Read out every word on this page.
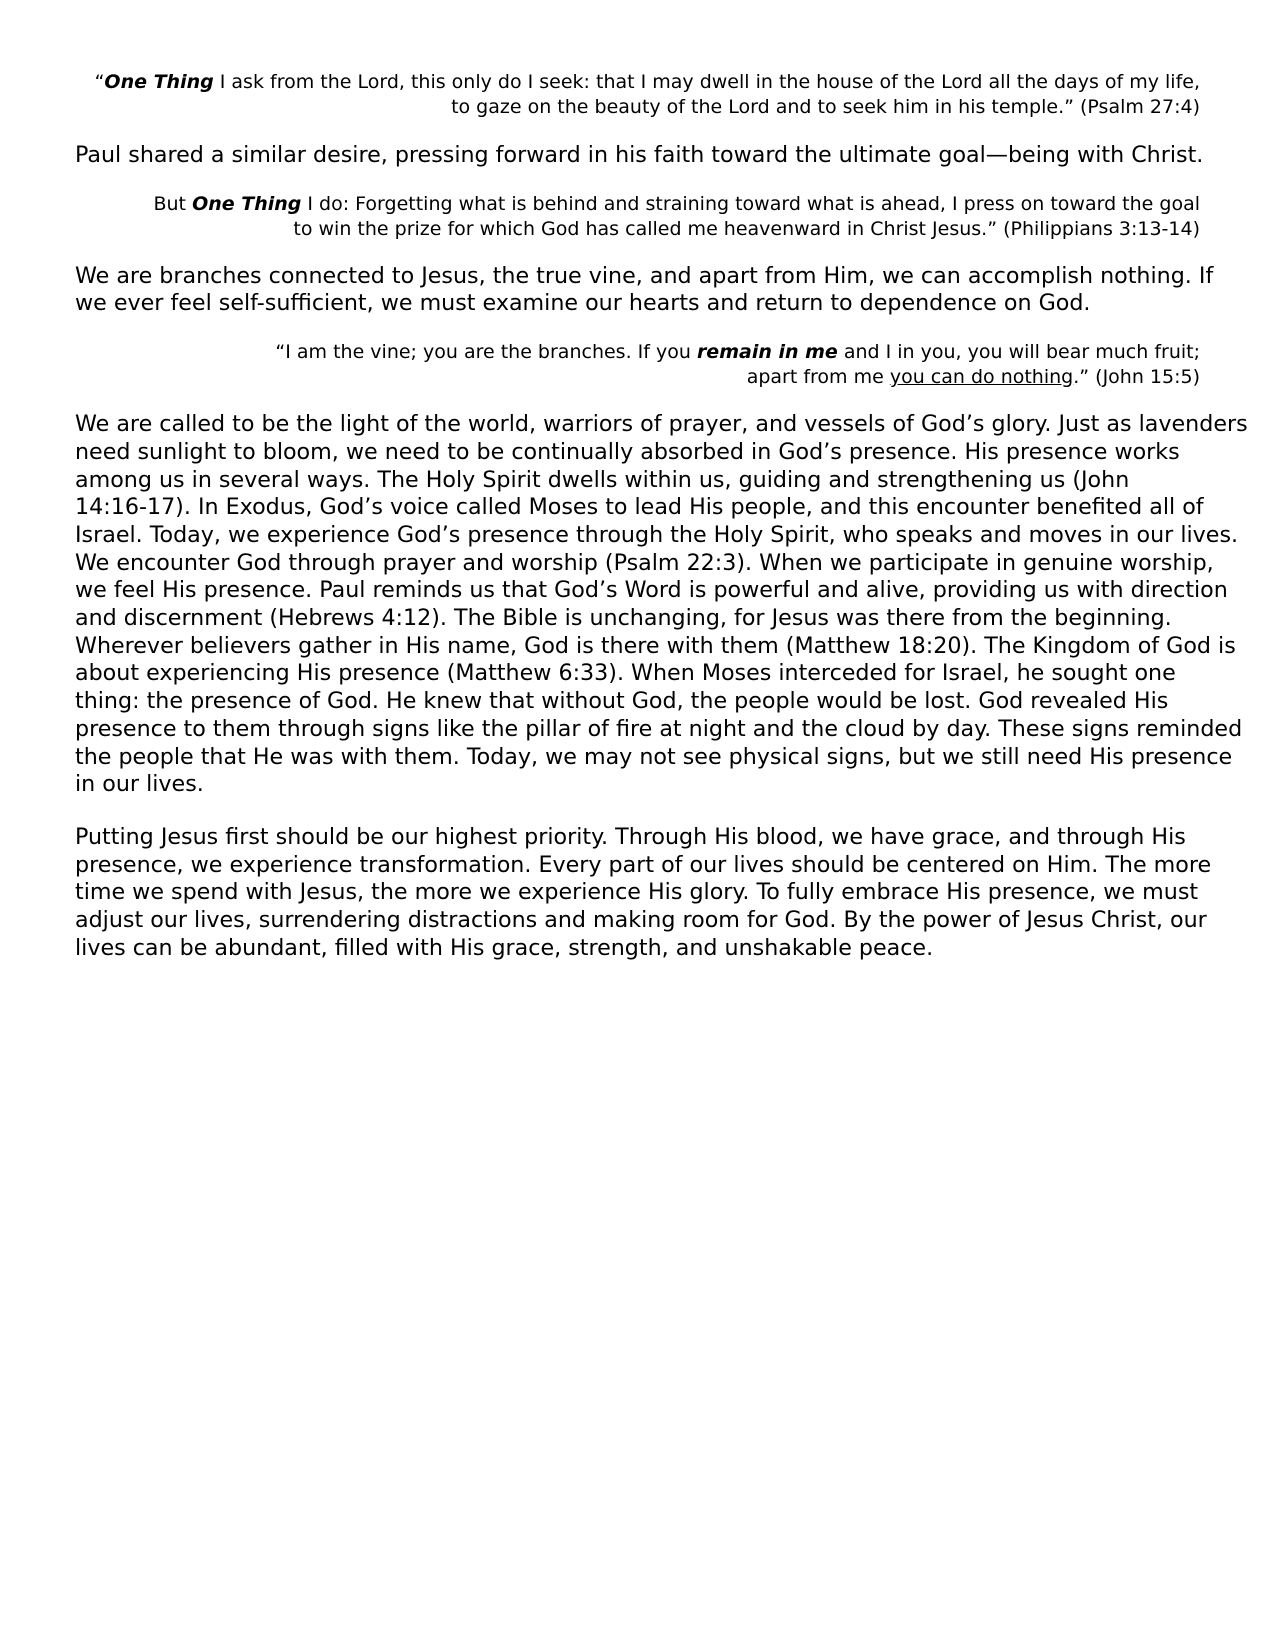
“One Thing I ask from the Lord, this only do I seek: that I may dwell in the house of the Lord all the days of my life,
to gaze on the beauty of the Lord and to seek him in his temple.” (Psalm 27:4)

Paul shared a similar desire, pressing forward in his faith toward the ultimate goal—being with Christ.

But One Thing I do: Forgetting what is behind and straining toward what is ahead, I press on toward the goal
to win the prize for which God has called me heavenward in Christ Jesus.” (Philippians 3:13-14)

We are branches connected to Jesus, the true vine, and apart from Him, we can accomplish nothing. If
we ever feel self-sufficient, we must examine our hearts and return to dependence on God.

“I am the vine; you are the branches. If you remain in me and I in you, you will bear much fruit;
apart from me you can do nothing.” (John 15:5)

We are called to be the light of the world, warriors of prayer, and vessels of God’s glory. Just as lavenders
need sunlight to bloom, we need to be continually absorbed in God’s presence. His presence works
among us in several ways. The Holy Spirit dwells within us, guiding and strengthening us (John
14:16-17). In Exodus, God’s voice called Moses to lead His people, and this encounter benefited all of
Israel. Today, we experience God’s presence through the Holy Spirit, who speaks and moves in our lives.
We encounter God through prayer and worship (Psalm 22:3). When we participate in genuine worship,
we feel His presence. Paul reminds us that God’s Word is powerful and alive, providing us with direction
and discernment (Hebrews 4:12). The Bible is unchanging, for Jesus was there from the beginning.
Wherever believers gather in His name, God is there with them (Matthew 18:20). The Kingdom of God is
about experiencing His presence (Matthew 6:33). When Moses interceded for Israel, he sought one
thing: the presence of God. He knew that without God, the people would be lost. God revealed His
presence to them through signs like the pillar of fire at night and the cloud by day. These signs reminded
the people that He was with them. Today, we may not see physical signs, but we still need His presence
in our lives.

Putting Jesus first should be our highest priority. Through His blood, we have grace, and through His
presence, we experience transformation. Every part of our lives should be centered on Him. The more
time we spend with Jesus, the more we experience His glory. To fully embrace His presence, we must
adjust our lives, surrendering distractions and making room for God. By the power of Jesus Christ, our
lives can be abundant, filled with His grace, strength, and unshakable peace.
